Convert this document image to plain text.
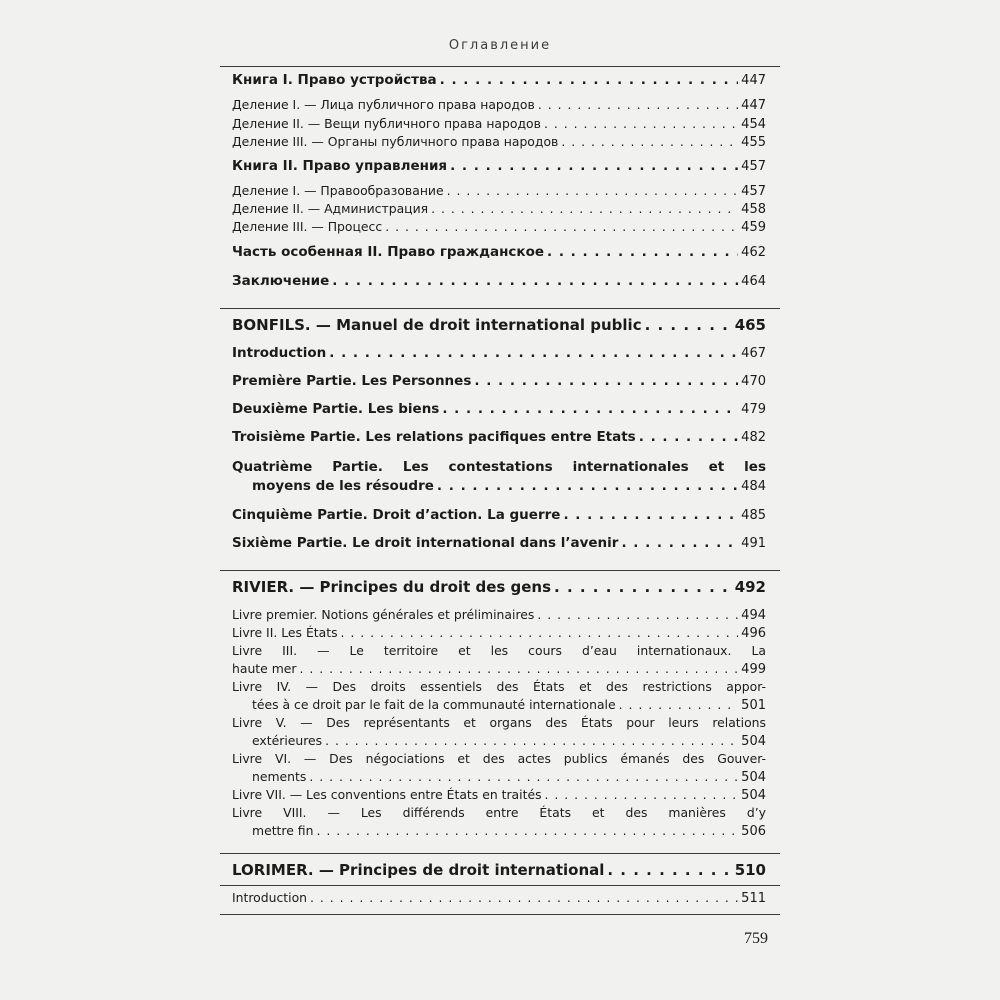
Оглавление
Книга I. Право устройства . . .	447
Деление I. — Лица публичного права народов . . .	447
Деление II. — Вещи публичного права народов . . .	454
Деление III. — Органы публичного права народов . . .	455
Книга II. Право управления . . .	457
Деление I. — Правообразование . . .	457
Деление II. — Администрация . . .	458
Деление III. — Процесс . . .	459
Часть особенная II. Право гражданское . . .	462
Заключение . . .	464
BONFILS. — Manuel de droit international public . . .	465
Introduction . . .	467
Première Partie. Les Personnes . . .	470
Deuxième Partie. Les biens . . .	479
Troisième Partie. Les relations pacifiques entre Etats . . .	482
Quatrième Partie. Les contestations internationales et les
moyens de les résoudre . . .	484
Cinquième Partie. Droit d’action. La guerre . . .	485
Sixième Partie. Le droit international dans l’avenir . . .	491
RIVIER. — Principes du droit des gens . . .	492
Livre premier. Notions générales et préliminaires . . .	494
Livre II. Les États . . .	496
Livre III. — Le territoire et les cours d’eau internationaux. La
haute mer . . .	499
Livre IV. — Des droits essentiels des États et des restrictions appor-
tées à ce droit par le fait de la communauté internationale . . .	501
Livre V. — Des représentants et organs des États pour leurs relations
extérieures . . .	504
Livre VI. — Des négociations et des actes publics émanés des Gouver-
nements . . .	504
Livre VII. — Les conventions entre États en traités . . .	504
Livre VIII. — Les différends entre États et des manières d’y
mettre fin . . .	506
LORIMER. — Principes de droit international . . .	510
Introduction . . .	511
759
